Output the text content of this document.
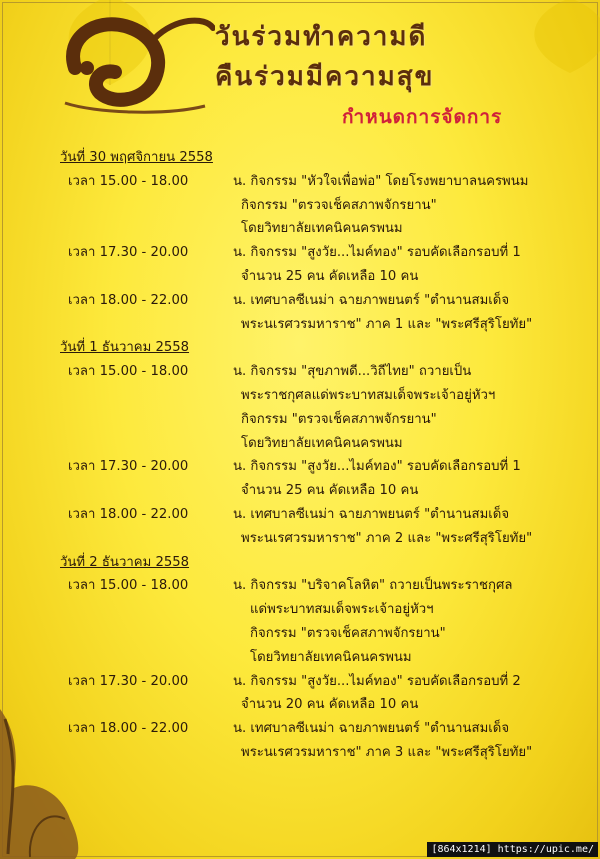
วันร่วมทำความดี
คืนร่วมมีความสุข
กำหนดการจัดการ
วันที่ 30 พฤศจิกายน 2558
เวลา 15.00 - 18.00	น. กิจกรรม "หัวใจเพื่อพ่อ" โดยโรงพยาบาลนครพนม
กิจกรรม "ตรวจเช็คสภาพจักรยาน"
โดยวิทยาลัยเทคนิคนครพนม
เวลา 17.30 - 20.00	น. กิจกรรม "สูงวัย...ไมค์ทอง" รอบคัดเลือกรอบที่ 1
จำนวน 25 คน คัดเหลือ 10 คน
เวลา 18.00 - 22.00	น. เทศบาลซีเนม่า ฉายภาพยนตร์ "ตำนานสมเด็จ
พระนเรศวรมหาราช" ภาค 1 และ "พระศรีสุริโยทัย"
วันที่ 1 ธันวาคม 2558
เวลา 15.00 - 18.00	น. กิจกรรม "สุขภาพดี...วิถีไทย" ถวายเป็น
พระราชกุศลแด่พระบาทสมเด็จพระเจ้าอยู่หัวฯ
กิจกรรม "ตรวจเช็คสภาพจักรยาน"
โดยวิทยาลัยเทคนิคนครพนม
เวลา 17.30 - 20.00	น. กิจกรรม "สูงวัย...ไมค์ทอง" รอบคัดเลือกรอบที่ 1
จำนวน 25 คน คัดเหลือ 10 คน
เวลา 18.00 - 22.00	น. เทศบาลซีเนม่า ฉายภาพยนตร์ "ตำนานสมเด็จ
พระนเรศวรมหาราช" ภาค 2 และ "พระศรีสุริโยทัย"
วันที่ 2 ธันวาคม 2558
เวลา 15.00 - 18.00	น. กิจกรรม "บริจาคโลหิต" ถวายเป็นพระราชกุศล
แด่พระบาทสมเด็จพระเจ้าอยู่หัวฯ
กิจกรรม "ตรวจเช็คสภาพจักรยาน"
โดยวิทยาลัยเทคนิคนครพนม
เวลา 17.30 - 20.00	น. กิจกรรม "สูงวัย...ไมค์ทอง" รอบคัดเลือกรอบที่ 2
จำนวน 20 คน คัดเหลือ 10 คน
เวลา 18.00 - 22.00	น. เทศบาลซีเนม่า ฉายภาพยนตร์ "ตำนานสมเด็จ
พระนเรศวรมหาราช" ภาค 3 และ "พระศรีสุริโยทัย"
[864x1214] https://upic.me/
